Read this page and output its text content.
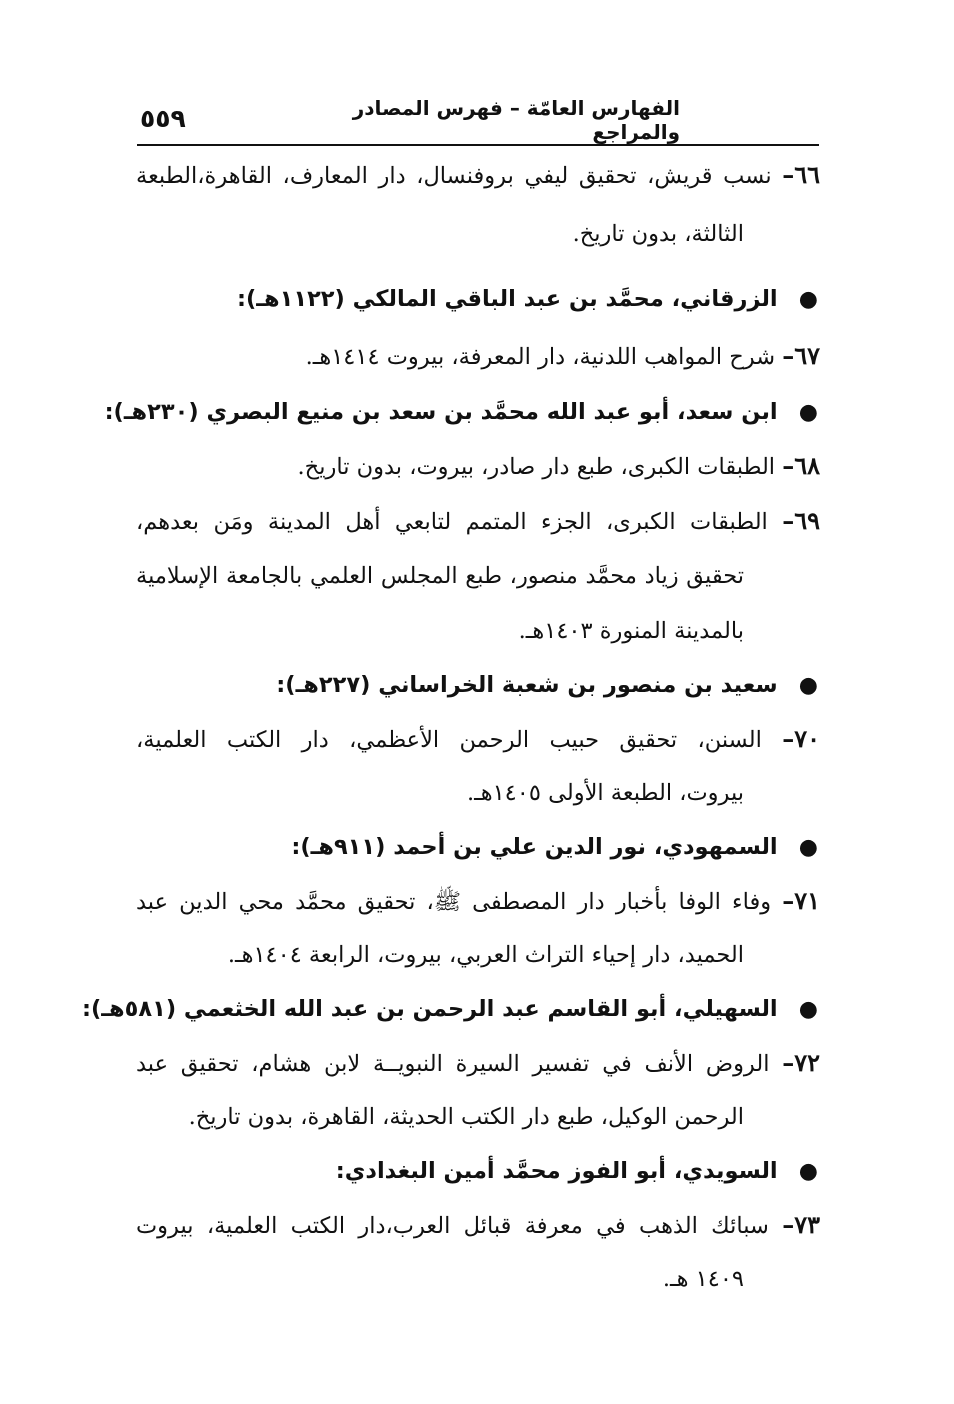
الفهارس العامّة – فهرس المصادر والمراجع
٥٥٩
٦٦– نسب قريش، تحقيق ليفي بروفنسال، دار المعارف، القاهرة،الطبعة
الثالثة، بدون تاريخ.
● الزرقاني، محمَّد بن عبد الباقي المالكي (١١٢٢هـ):
٦٧– شرح المواهب اللدنية، دار المعرفة، بيروت ١٤١٤هـ.
● ابن سعد، أبو عبد الله محمَّد بن سعد بن منيع البصري (٢٣٠هـ):
٦٨– الطبقات الكبرى، طبع دار صادر، بيروت، بدون تاريخ.
٦٩– الطبقات الكبرى، الجزء المتمم لتابعي أهل المدينة ومَن بعدهم،
تحقيق زياد محمَّد منصور، طبع المجلس العلمي بالجامعة الإسلامية
بالمدينة المنورة ١٤٠٣هـ.
● سعيد بن منصور بن شعبة الخراساني (٢٢٧هـ):
٧٠– السنن، تحقيق حبيب الرحمن الأعظمي، دار الكتب العلمية،
بيروت، الطبعة الأولى ١٤٠٥هـ.
● السمهودي، نور الدين علي بن أحمد (٩١١هـ):
٧١– وفاء الوفا بأخبار دار المصطفى ﷺ، تحقيق محمَّد محي الدين عبد
الحميد، دار إحياء التراث العربي، بيروت، الرابعة ١٤٠٤هـ.
● السهيلي، أبو القاسم عبد الرحمن بن عبد الله الخثعمي (٥٨١هـ):
٧٢– الروض الأنف في تفسير السيرة النبويــة لابن هشام، تحقيق عبد
الرحمن الوكيل، طبع دار الكتب الحديثة، القاهرة، بدون تاريخ.
● السويدي، أبو الفوز محمَّد أمين البغدادي:
٧٣– سبائك الذهب في معرفة قبائل العرب،دار الكتب العلمية، بيروت
١٤٠٩ هـ.
